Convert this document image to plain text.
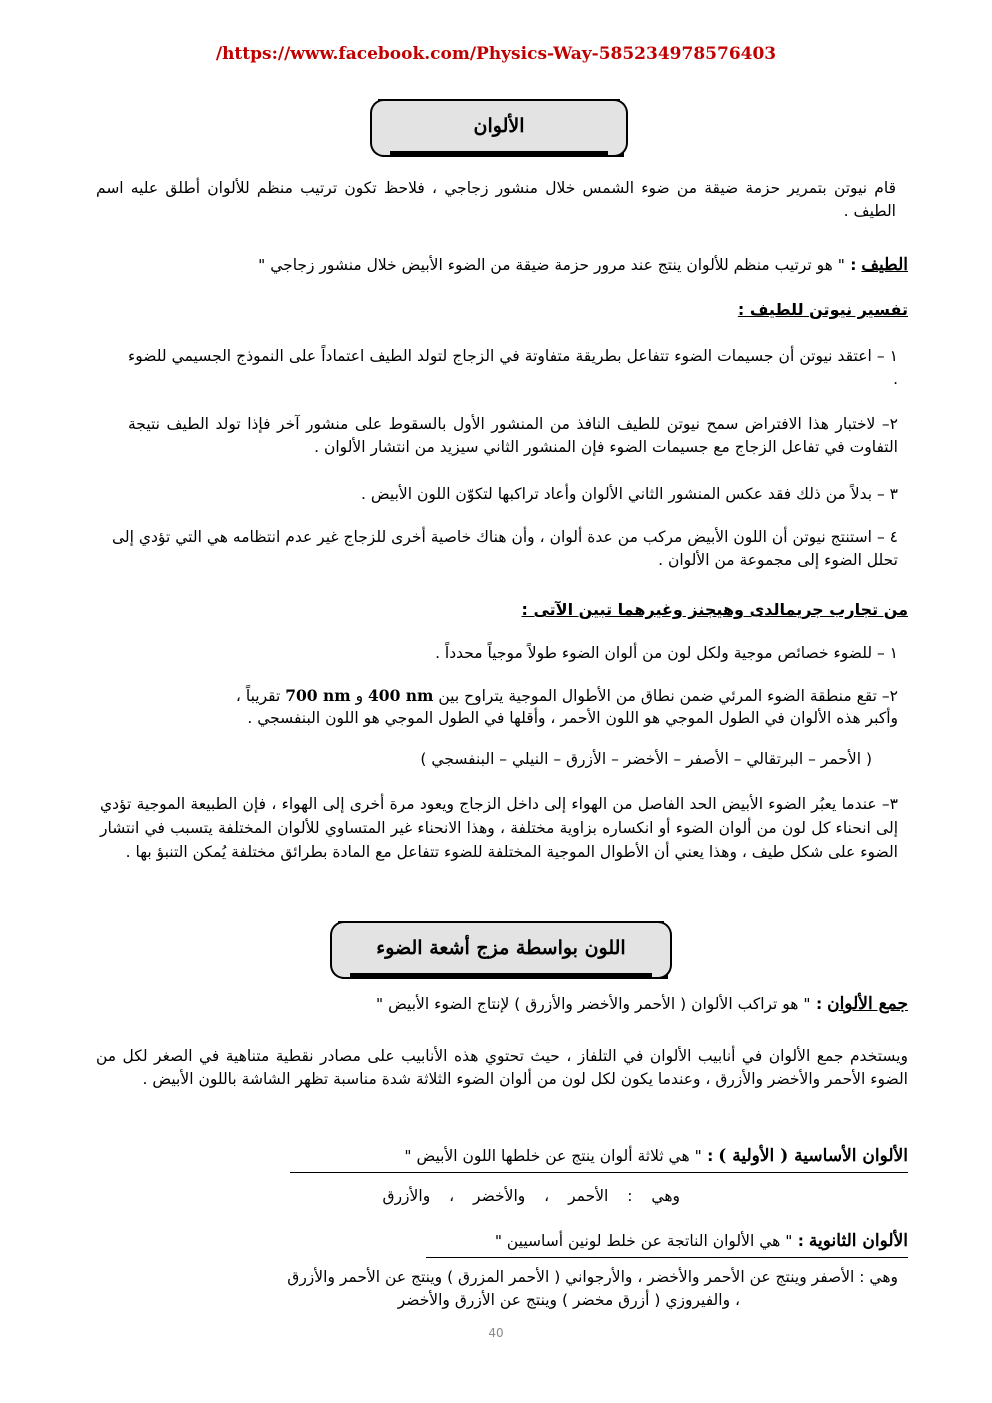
/https://www.facebook.com/Physics-Way-585234978576403
الألوان
قام نيوتن بتمرير حزمة ضيقة من ضوء الشمس خلال منشور زجاجي ، فلاحظ تكون ترتيب منظم للألوان أطلق عليه اسم الطيف .
الطيف : " هو ترتيب منظم للألوان ينتج عند مرور حزمة ضيقة من الضوء الأبيض خلال منشور زجاجي "
تفسير نيوتن للطيف :
١ – اعتقد نيوتن أن جسيمات الضوء تتفاعل بطريقة متفاوتة في الزجاج لتولد الطيف اعتماداً على النموذج الجسيمي للضوء .
٢– لاختبار هذا الافتراض سمح نيوتن للطيف النافذ من المنشور الأول بالسقوط على منشور آخر فإذا تولد الطيف نتيجة التفاوت في تفاعل الزجاج مع جسيمات الضوء فإن المنشور الثاني سيزيد من انتشار الألوان .
٣ – بدلاً من ذلك فقد عكس المنشور الثاني الألوان وأعاد تراكبها لتكوّن اللون الأبيض .
٤ – استنتج نيوتن أن اللون الأبيض مركب من عدة ألوان ، وأن هناك خاصية أخرى للزجاج غير عدم انتظامه هي التي تؤدي إلى تحلل الضوء إلى مجموعة من الألوان .
من تجارب جريمالدى وهيجنز وغيرهما تبين الآتى :
١ – للضوء خصائص موجية ولكل لون من ألوان الضوء طولاً موجياً محدداً .
٢– تقع منطقة الضوء المرئي ضمن نطاق من الأطوال الموجية يتراوح بين 400 nm و 700 nm تقريباً ،
وأكبر هذه الألوان في الطول الموجي هو اللون الأحمر ، وأقلها في الطول الموجي هو اللون البنفسجي .
( الأحمر – البرتقالي – الأصفر – الأخضر – الأزرق – النيلي – البنفسجي )
٣– عندما يعبُر الضوء الأبيض الحد الفاصل من الهواء إلى داخل الزجاج ويعود مرة أخرى إلى الهواء ، فإن الطبيعة الموجية تؤدي إلى انحناء كل لون من ألوان الضوء أو انكساره بزاوية مختلفة ، وهذا الانحناء غير المتساوي للألوان المختلفة يتسبب في انتشار الضوء على شكل طيف ، وهذا يعني أن الأطوال الموجية المختلفة للضوء تتفاعل مع المادة بطرائق مختلفة يُمكن التنبؤ بها .
اللون بواسطة مزج أشعة الضوء
جمع الألوان : " هو تراكب الألوان ( الأحمر والأخضر والأزرق ) لإنتاج الضوء الأبيض "
ويستخدم جمع الألوان في أنابيب الألوان في التلفاز ، حيث تحتوي هذه الأنابيب على مصادر نقطية متناهية في الصغر لكل من الضوء الأحمر والأخضر والأزرق ، وعندما يكون لكل لون من ألوان الضوء الثلاثة شدة مناسبة تظهر الشاشة باللون الأبيض .
الألوان الأساسية ( الأولية ) : " هي ثلاثة ألوان ينتج عن خلطها اللون الأبيض "
وهي : الأحمر ، والأخضر ، والأزرق
الألوان الثانوية : " هي الألوان الناتجة عن خلط لونين أساسيين "
وهي : الأصفر وينتج عن الأحمر والأخضر ، والأرجواني ( الأحمر المزرق ) وينتج عن الأحمر والأزرق
، والفيروزي ( أزرق مخضر ) وينتج عن الأزرق والأخضر
40
